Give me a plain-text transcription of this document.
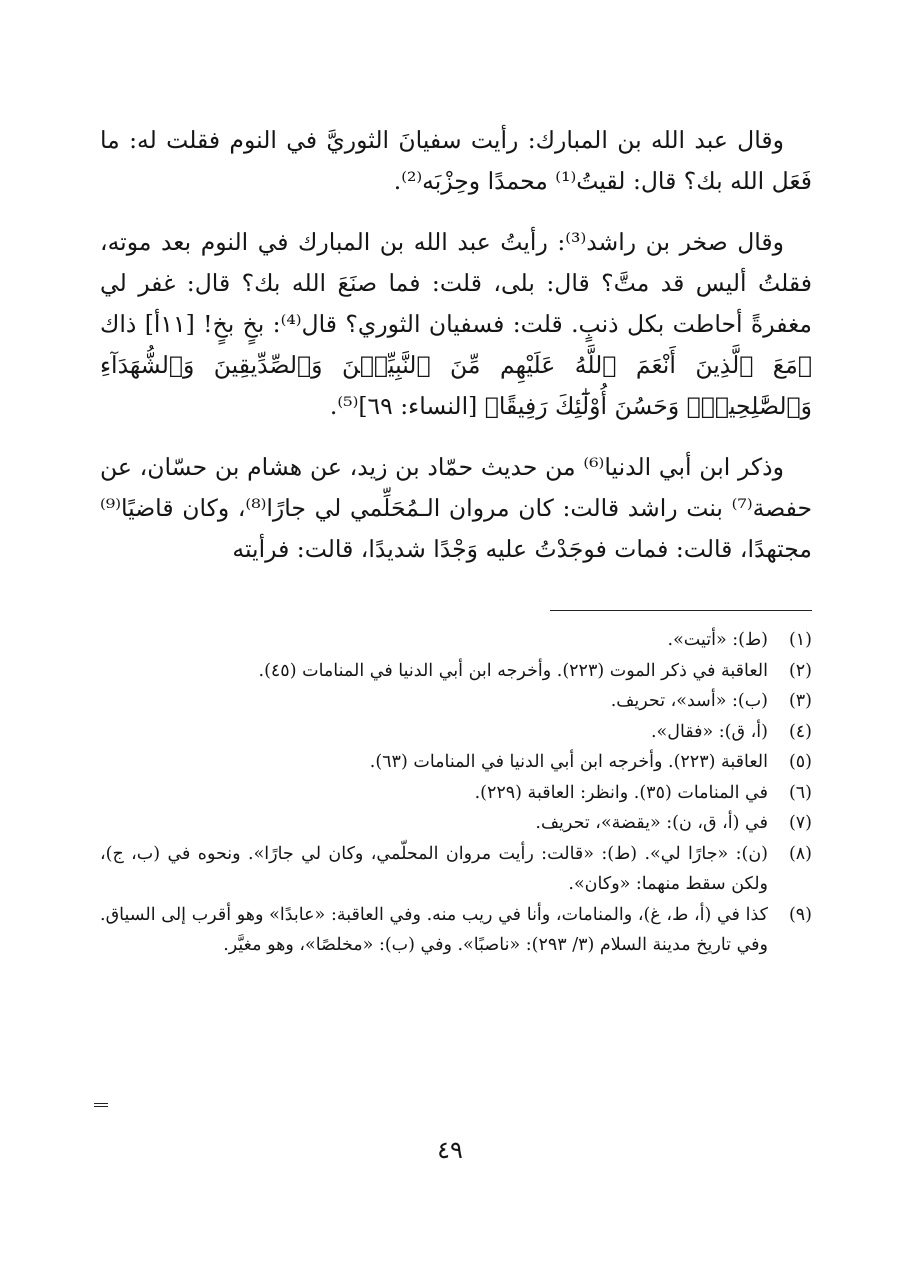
وقال عبد الله بن المبارك: رأيت سفيانَ الثوريَّ في النوم فقلت له: ما فَعَل الله بك؟ قال: لقيتُ⁽¹⁾ محمدًا وحِزْبَه⁽²⁾.

وقال صخر بن راشد⁽³⁾: رأيتُ عبد الله بن المبارك في النوم بعد موته، فقلتُ أليس قد متَّ؟ قال: بلى، قلت: فما صنَعَ الله بك؟ قال: غفر لي مغفرةً أحاطت بكل ذنبٍ. قلت: فسفيان الثوري؟ قال⁽⁴⁾: بخٍ بخٍ! [١١أ] ذاك ﴿مَعَ ٱلَّذِينَ أَنْعَمَ ٱللَّهُ عَلَيْهِم مِّنَ ٱلنَّبِيِّـۧنَ وَٱلصِّدِّيقِينَ وَٱلشُّهَدَآءِ وَٱلصَّٰلِحِينَۚ وَحَسُنَ أُوْلَٰٓئِكَ رَفِيقًا﴾ [النساء: ٦٩]⁽⁵⁾.

وذكر ابن أبي الدنيا⁽⁶⁾ من حديث حمّاد بن زيد، عن هشام بن حسّان، عن حفصة⁽⁷⁾ بنت راشد قالت: كان مروان الـمُحَلِّمي لي جارًا⁽⁸⁾، وكان قاضيًا⁽⁹⁾ مجتهدًا، قالت: فمات فوجَدْتُ عليه وَجْدًا شديدًا، قالت: فرأيته

(١)
(ط): «أتيت».
(٢)
العاقبة في ذكر الموت (٢٢٣). وأخرجه ابن أبي الدنيا في المنامات (٤٥).
(٣)
(ب): «أسد»، تحريف.
(٤)
(أ، ق): «فقال».
(٥)
العاقبة (٢٢٣). وأخرجه ابن أبي الدنيا في المنامات (٦٣).
(٦)
في المنامات (٣٥). وانظر: العاقبة (٢٢٩).
(٧)
في (أ، ق، ن): «يقضة»، تحريف.
(٨)
(ن): «جارًا لي». (ط): «قالت: رأيت مروان المحلّمي، وكان لي جارًا». ونحوه في (ب، ج)، ولكن سقط منهما: «وكان».
(٩)
كذا في (أ، ط، غ)، والمنامات، وأنا في ريب منه. وفي العاقبة: «عابدًا» وهو أقرب إلى السياق. وفي تاريخ مدينة السلام (٣/ ٢٩٣): «ناصبًا». وفي (ب): «مخلصًا»، وهو مغيَّر.
٤٩
